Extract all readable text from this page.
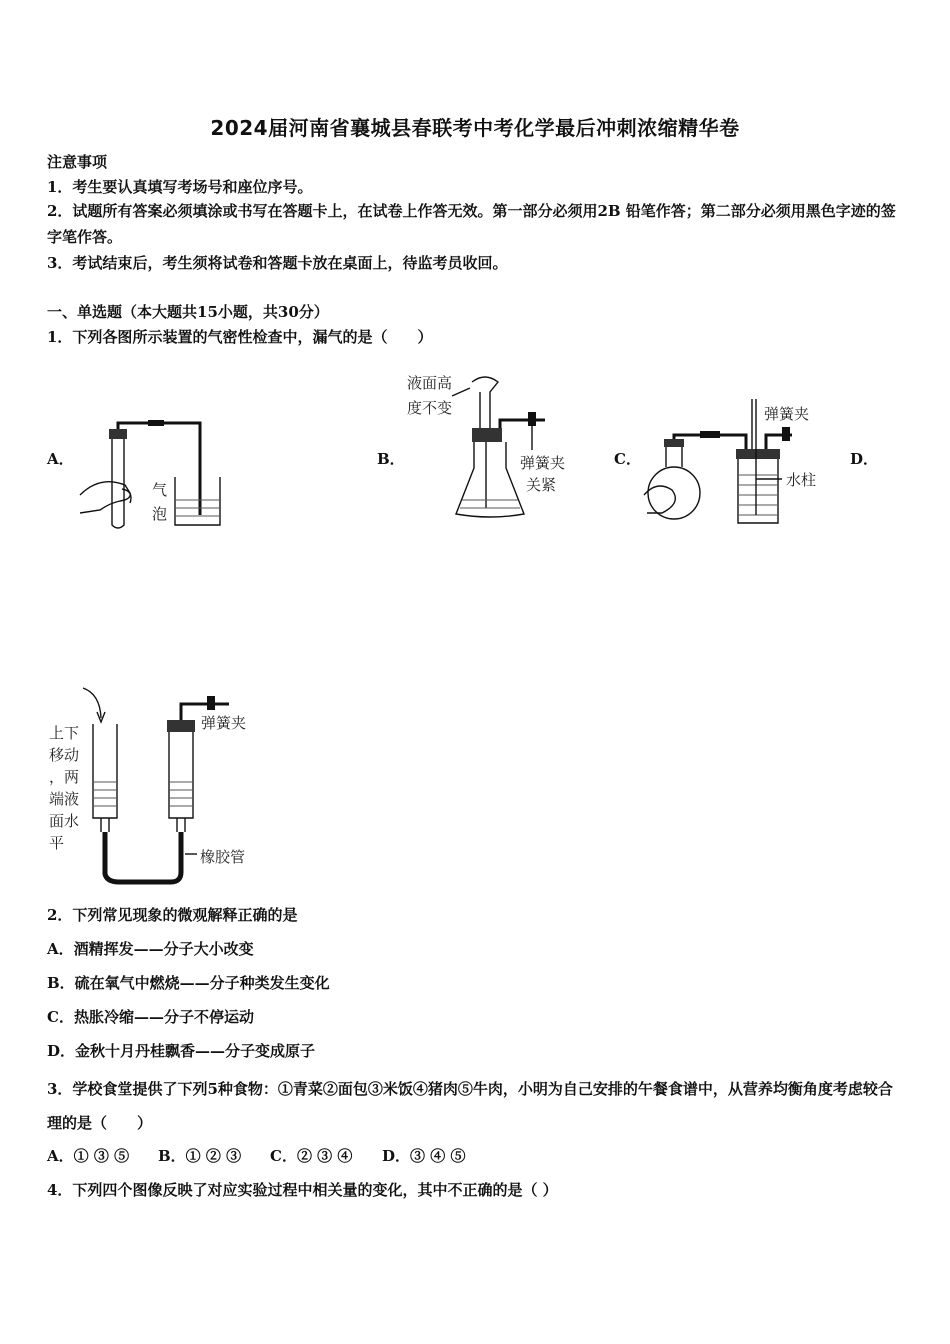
2024届河南省襄城县春联考中考化学最后冲刺浓缩精华卷
注意事项
1．考生要认真填写考场号和座位序号。
2．试题所有答案必须填涂或书写在答题卡上，在试卷上作答无效。第一部分必须用2B 铅笔作答；第二部分必须用黑色字迹的签字笔作答。
3．考试结束后，考生须将试卷和答题卡放在桌面上，待监考员收回。
一、单选题（本大题共15小题，共30分）
1．下列各图所示装置的气密性检查中，漏气的是（　　）
A．	B．	C．	D．
气
泡
液面高
度不变
弹簧夹
关紧
弹簧夹
水柱
上下
移动
，两
端液
面水
平
弹簧夹
橡胶管
2．下列常见现象的微观解释正确的是
A．酒精挥发——分子大小改变
B．硫在氧气中燃烧——分子种类发生变化
C．热胀冷缩——分子不停运动
D．金秋十月丹桂飘香——分子变成原子
3．学校食堂提供了下列5种食物：①青菜②面包③米饭④猪肉⑤牛肉，小明为自己安排的午餐食谱中，从营养均衡角度考虑较合理的是（　　）
A．① ③ ⑤ B．① ② ③ C．② ③ ④ D．③ ④ ⑤
4．下列四个图像反映了对应实验过程中相关量的变化，其中不正确的是（ ）
